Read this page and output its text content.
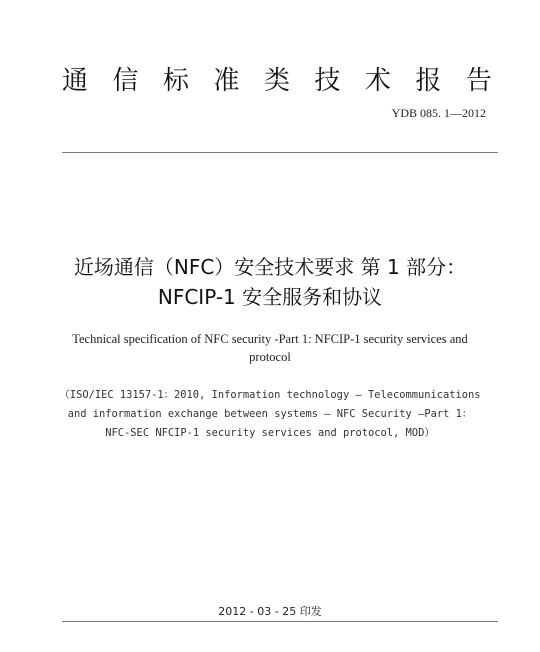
通 信 标 准 类 技 术 报 告
YDB 085. 1—2012
近场通信（NFC）安全技术要求 第 1 部分：
NFCIP-1 安全服务和协议
Technical specification of NFC security -Part 1: NFCIP-1 security services and
protocol
（ISO/IEC 13157-1：2010, Information technology — Telecommunications
and information exchange between systems — NFC Security —Part 1：
NFC-SEC NFCIP-1 security services and protocol, MOD）
2012 - 03 - 25 印发
